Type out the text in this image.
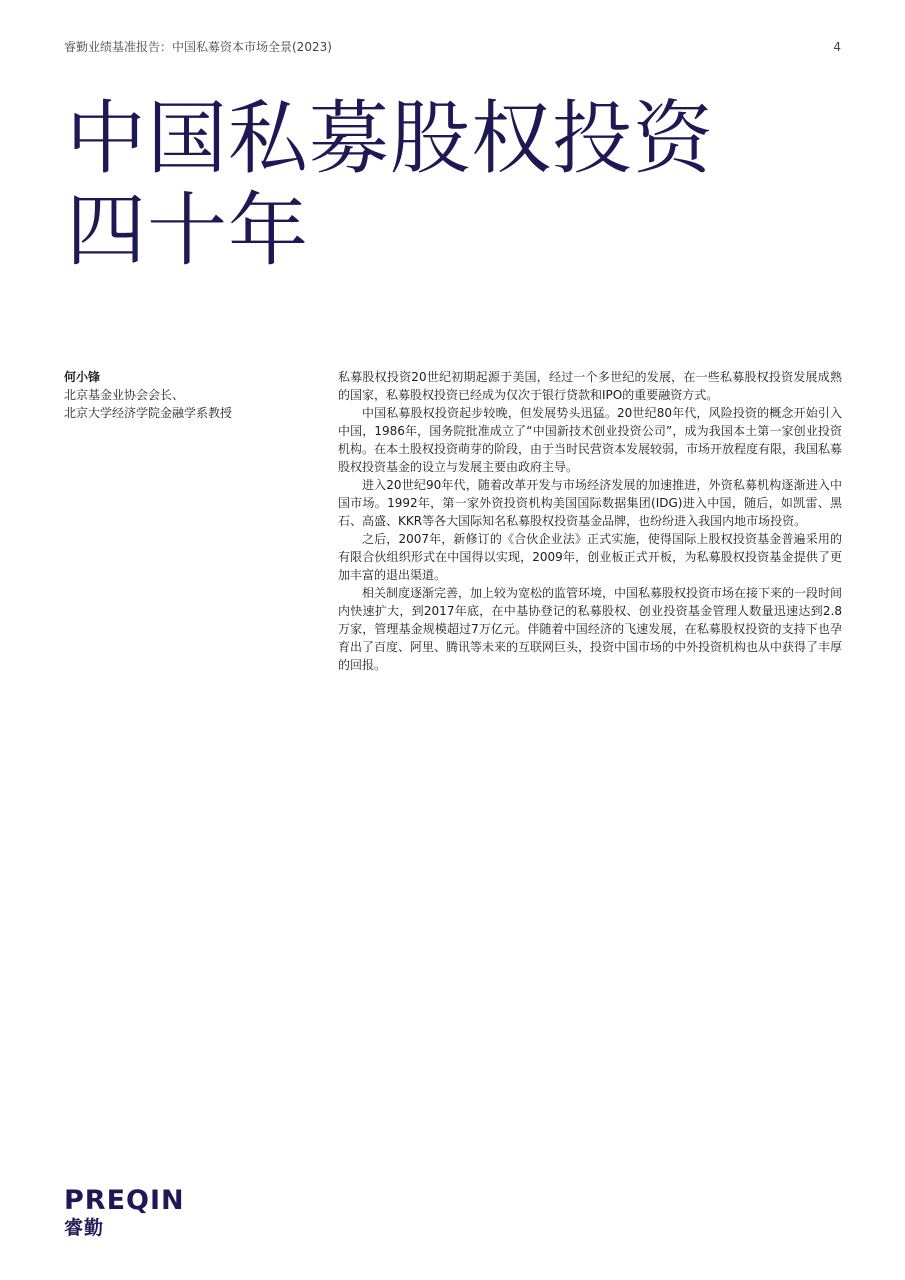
睿勤业绩基准报告：中国私募资本市场全景(2023)	4
中国私募股权投资
四十年
何小锋
北京基金业协会会长、
北京大学经济学院金融学系教授

私募股权投资20世纪初期起源于美国，经过一个多世纪的发展，在一些私募股权投资发展成熟的国家，私募股权投资已经成为仅次于银行贷款和IPO的重要融资方式。

中国私募股权投资起步较晚，但发展势头迅猛。20世纪80年代，风险投资的概念开始引入中国，1986年，国务院批准成立了“中国新技术创业投资公司”，成为我国本土第一家创业投资机构。在本土股权投资萌芽的阶段，由于当时民营资本发展较弱，市场开放程度有限，我国私募股权投资基金的设立与发展主要由政府主导。

进入20世纪90年代，随着改革开发与市场经济发展的加速推进，外资私募机构逐渐进入中国市场。1992年，第一家外资投资机构美国国际数据集团(IDG)进入中国，随后，如凯雷、黑石、高盛、KKR等各大国际知名私募股权投资基金品牌，也纷纷进入我国内地市场投资。

之后，2007年，新修订的《合伙企业法》正式实施，使得国际上股权投资基金普遍采用的有限合伙组织形式在中国得以实现，2009年，创业板正式开板，为私募股权投资基金提供了更加丰富的退出渠道。

相关制度逐渐完善，加上较为宽松的监管环境，中国私募股权投资市场在接下来的一段时间内快速扩大，到2017年底，在中基协登记的私募股权、创业投资基金管理人数量迅速达到2.8万家，管理基金规模超过7万亿元。伴随着中国经济的飞速发展，在私募股权投资的支持下也孕育出了百度、阿里、腾讯等未来的互联网巨头，投资中国市场的中外投资机构也从中获得了丰厚的回报。

PREQIN
睿勤
